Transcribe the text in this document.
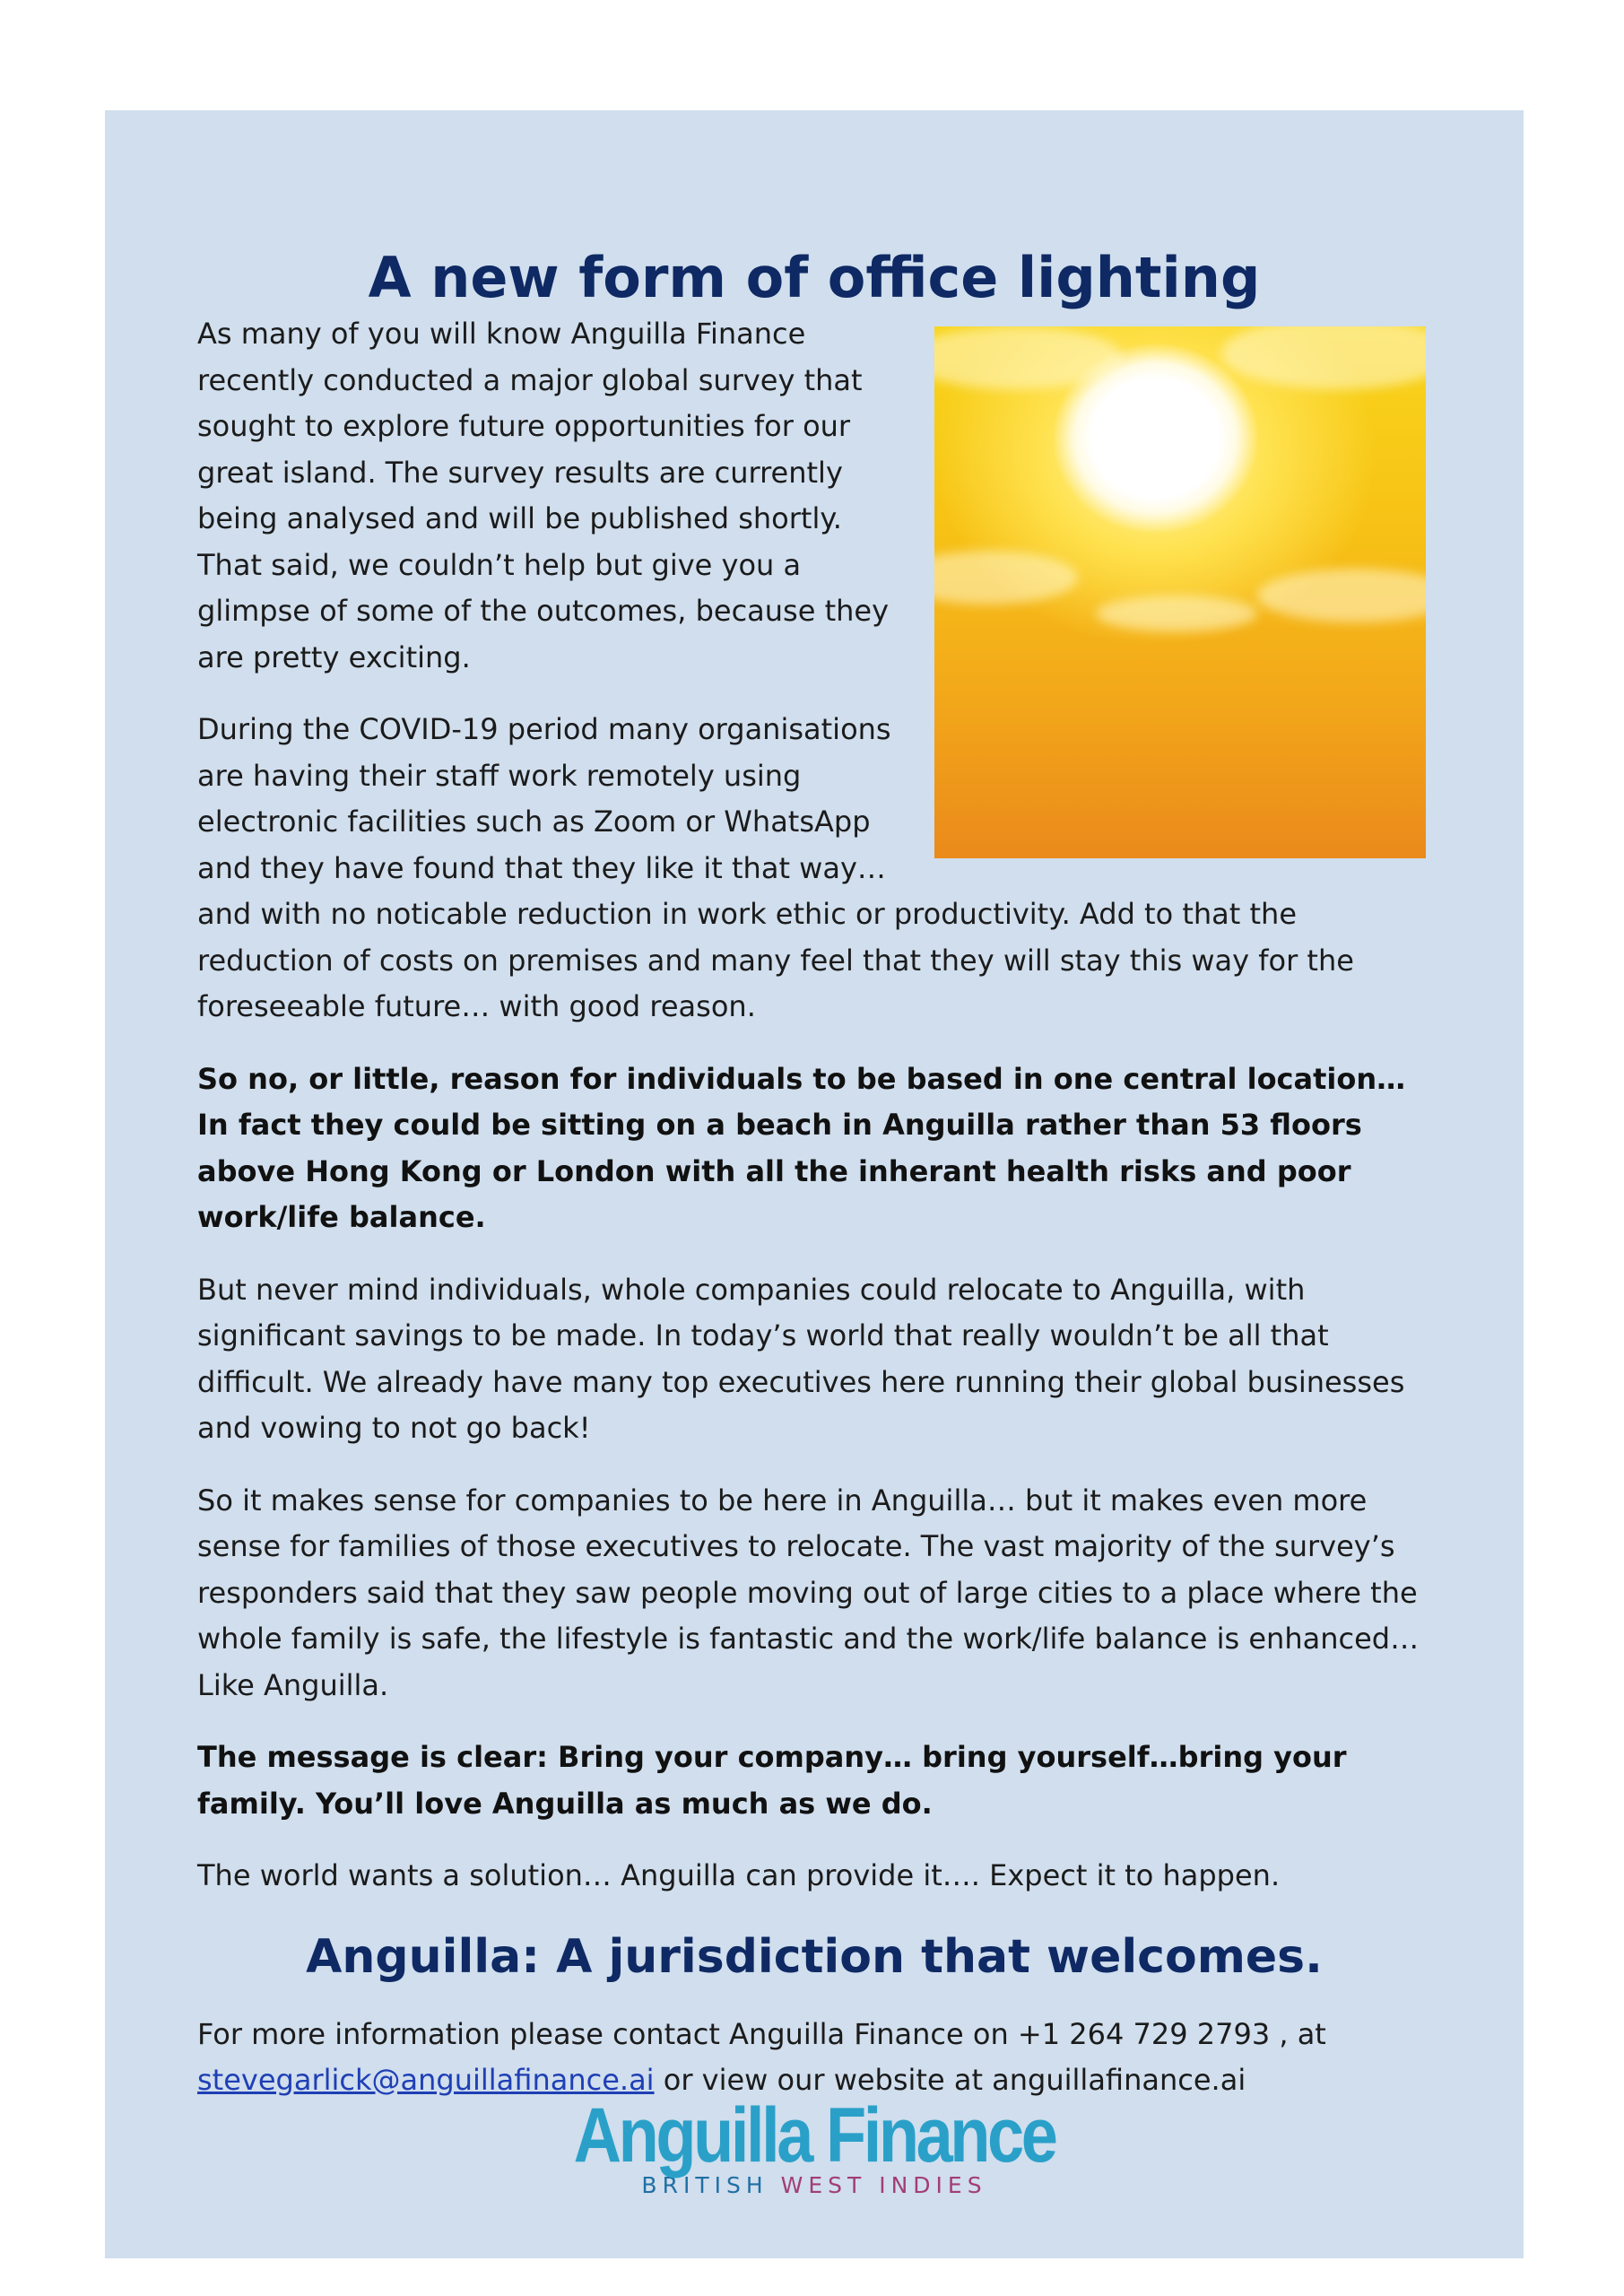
A new form of office lighting

As many of you will know Anguilla Finance recently conducted a major global survey that sought to explore future opportunities for our great island. The survey results are currently being analysed and will be published shortly. That said, we couldn’t help but give you a glimpse of some of the outcomes, because they are pretty exciting.

During the COVID-19 period many organisations are having their staff work remotely using electronic facilities such as Zoom or WhatsApp and they have found that they like it that way… and with no noticable reduction in work ethic or productivity. Add to that the reduction of costs on premises and many feel that they will stay this way for the foreseeable future… with good reason.

So no, or little, reason for individuals to be based in one central location… In fact they could be sitting on a beach in Anguilla rather than 53 floors above Hong Kong or London with all the inherant health risks and poor work/life balance.

But never mind individuals, whole companies could relocate to Anguilla, with significant savings to be made. In today’s world that really wouldn’t be all that difficult. We already have many top executives here running their global businesses and vowing to not go back!

So it makes sense for companies to be here in Anguilla… but it makes even more sense for families of those executives to relocate. The vast majority of the survey’s responders said that they saw people moving out of large cities to a place where the whole family is safe, the lifestyle is fantastic and the work/life balance is enhanced… Like Anguilla.

The message is clear: Bring your company… bring yourself…bring your family. You’ll love Anguilla as much as we do.

The world wants a solution… Anguilla can provide it…. Expect it to happen.

Anguilla: A jurisdiction that welcomes.

For more information please contact Anguilla Finance on +1 264 729 2793 , at
stevegarlick@anguillafinance.ai or view our website at anguillafinance.ai

Anguilla Finance
BRITISH WEST INDIES
